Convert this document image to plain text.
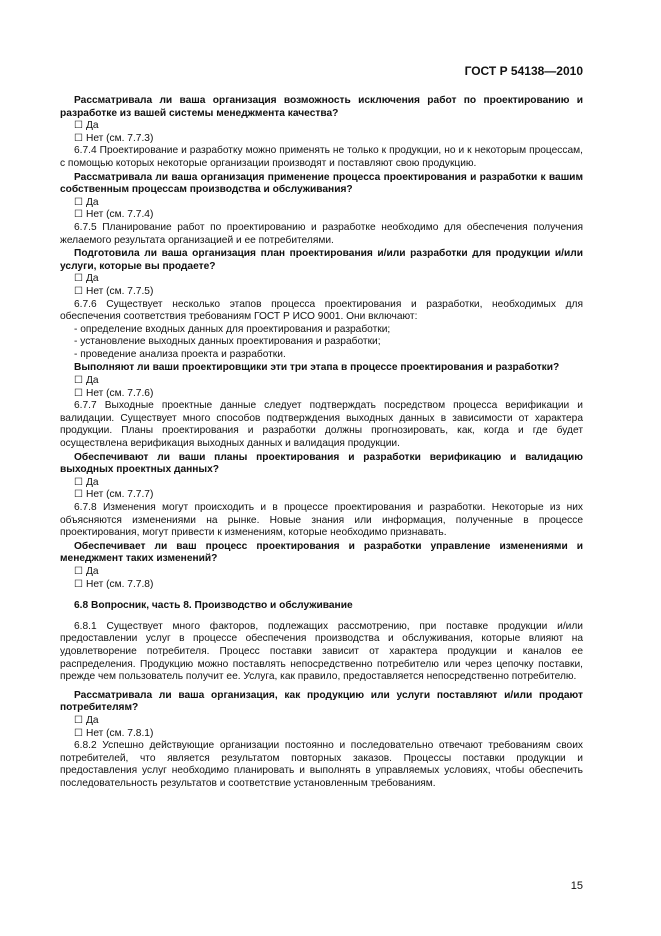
ГОСТ Р 54138—2010

Рассматривала ли ваша организация возможность исключения работ по проектированию и разработке из вашей системы менеджмента качества?

☐ Да

☐ Нет (см. 7.7.3)

6.7.4 Проектирование и разработку можно применять не только к продукции, но и к некоторым процессам, с помощью которых некоторые организации производят и поставляют свою продукцию.

Рассматривала ли ваша организация применение процесса проектирования и разработки к вашим собственным процессам производства и обслуживания?

☐ Да

☐ Нет (см. 7.7.4)

6.7.5 Планирование работ по проектированию и разработке необходимо для обеспечения получения желаемого результата организацией и ее потребителями.

Подготовила ли ваша организация план проектирования и/или разработки для продукции и/или услуги, которые вы продаете?

☐ Да

☐ Нет (см. 7.7.5)

6.7.6 Существует несколько этапов процесса проектирования и разработки, необходимых для обеспечения соответствия требованиям ГОСТ Р ИСО 9001. Они включают:

- определение входных данных для проектирования и разработки;

- установление выходных данных проектирования и разработки;

- проведение анализа проекта и разработки.

Выполняют ли ваши проектировщики эти три этапа в процессе проектирования и разработки?

☐ Да

☐ Нет (см. 7.7.6)

6.7.7 Выходные проектные данные следует подтверждать посредством процесса верификации и валидации. Существует много способов подтверждения выходных данных в зависимости от характера продукции. Планы проектирования и разработки должны прогнозировать, как, когда и где будет осуществлена верификация выходных данных и валидация продукции.

Обеспечивают ли ваши планы проектирования и разработки верификацию и валидацию выходных проектных данных?

☐ Да

☐ Нет (см. 7.7.7)

6.7.8 Изменения могут происходить и в процессе проектирования и разработки. Некоторые из них объясняются изменениями на рынке. Новые знания или информация, полученные в процессе проектирования, могут привести к изменениям, которые необходимо признавать.

Обеспечивает ли ваш процесс проектирования и разработки управление изменениями и менеджмент таких изменений?

☐ Да

☐ Нет (см. 7.7.8)

6.8 Вопросник, часть 8. Производство и обслуживание

6.8.1 Существует много факторов, подлежащих рассмотрению, при поставке продукции и/или предоставлении услуг в процессе обеспечения производства и обслуживания, которые влияют на удовлетворение потребителя. Процесс поставки зависит от характера продукции и каналов ее распределения. Продукцию можно поставлять непосредственно потребителю или через цепочку поставки, прежде чем пользователь получит ее. Услуга, как правило, предоставляется непосредственно потребителю.

Рассматривала ли ваша организация, как продукцию или услуги поставляют и/или продают потребителям?

☐ Да

☐ Нет (см. 7.8.1)

6.8.2 Успешно действующие организации постоянно и последовательно отвечают требованиям своих потребителей, что является результатом повторных заказов. Процессы поставки продукции и предоставления услуг необходимо планировать и выполнять в управляемых условиях, чтобы обеспечить последовательность результатов и соответствие установленным требованиям.

15
